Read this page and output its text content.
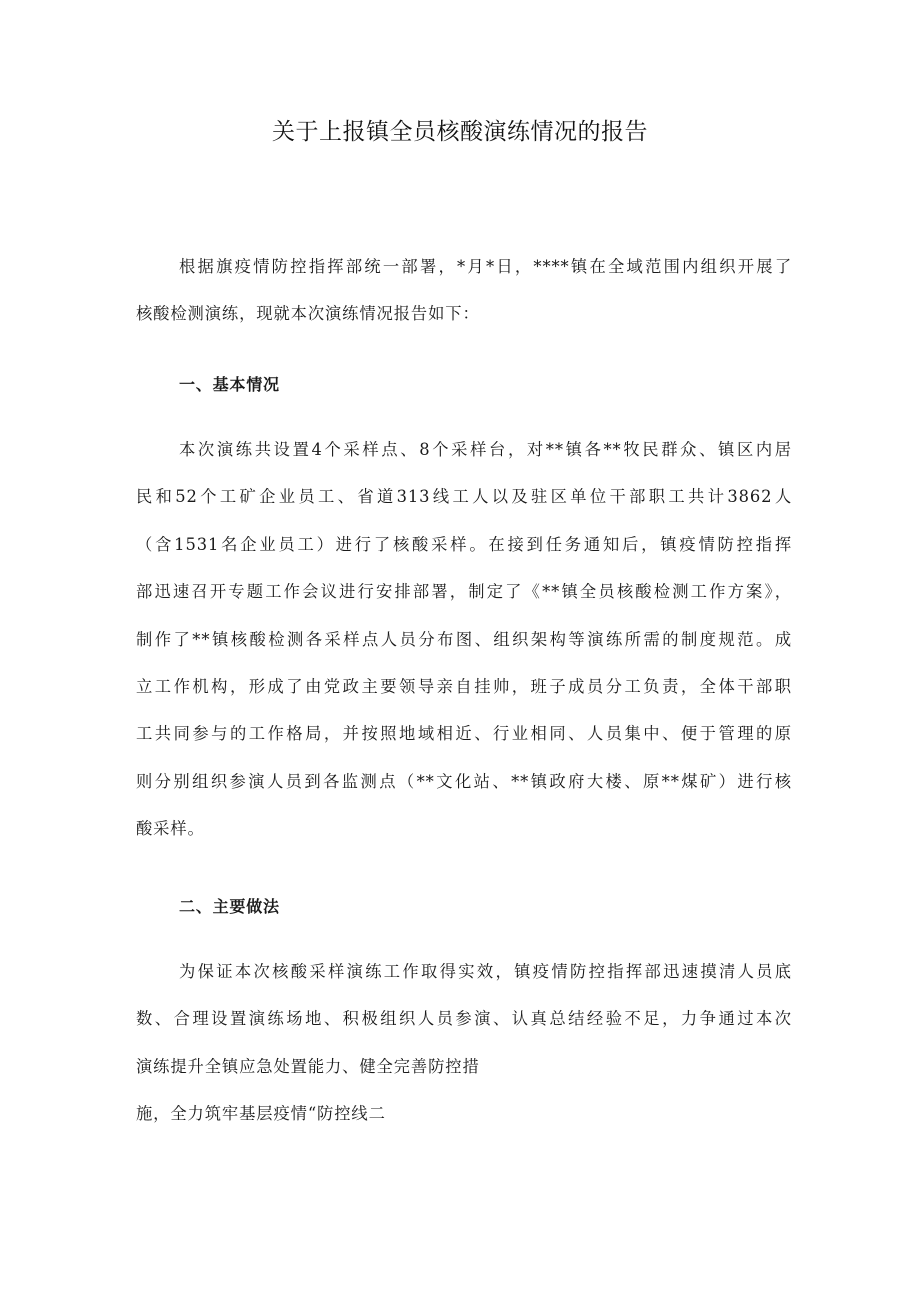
关于上报镇全员核酸演练情况的报告
根据旗疫情防控指挥部统一部署，*月*日，****镇在全域范围内组织开展了
核酸检测演练，现就本次演练情况报告如下：
一、基本情况
本次演练共设置4个采样点、8个采样台，对**镇各**牧民群众、镇区内居
民和52个工矿企业员工、省道313线工人以及驻区单位干部职工共计3862人
（含1531名企业员工）进行了核酸采样。在接到任务通知后，镇疫情防控指挥
部迅速召开专题工作会议进行安排部署，制定了《**镇全员核酸检测工作方案》，
制作了**镇核酸检测各采样点人员分布图、组织架构等演练所需的制度规范。成
立工作机构，形成了由党政主要领导亲自挂帅，班子成员分工负责，全体干部职
工共同参与的工作格局，并按照地域相近、行业相同、人员集中、便于管理的原
则分别组织参演人员到各监测点（**文化站、**镇政府大楼、原**煤矿）进行核
酸采样。
二、主要做法
为保证本次核酸采样演练工作取得实效，镇疫情防控指挥部迅速摸清人员底
数、合理设置演练场地、积极组织人员参演、认真总结经验不足，力争通过本次
演练提升全镇应急处置能力、健全完善防控措
施，全力筑牢基层疫情“防控线二
